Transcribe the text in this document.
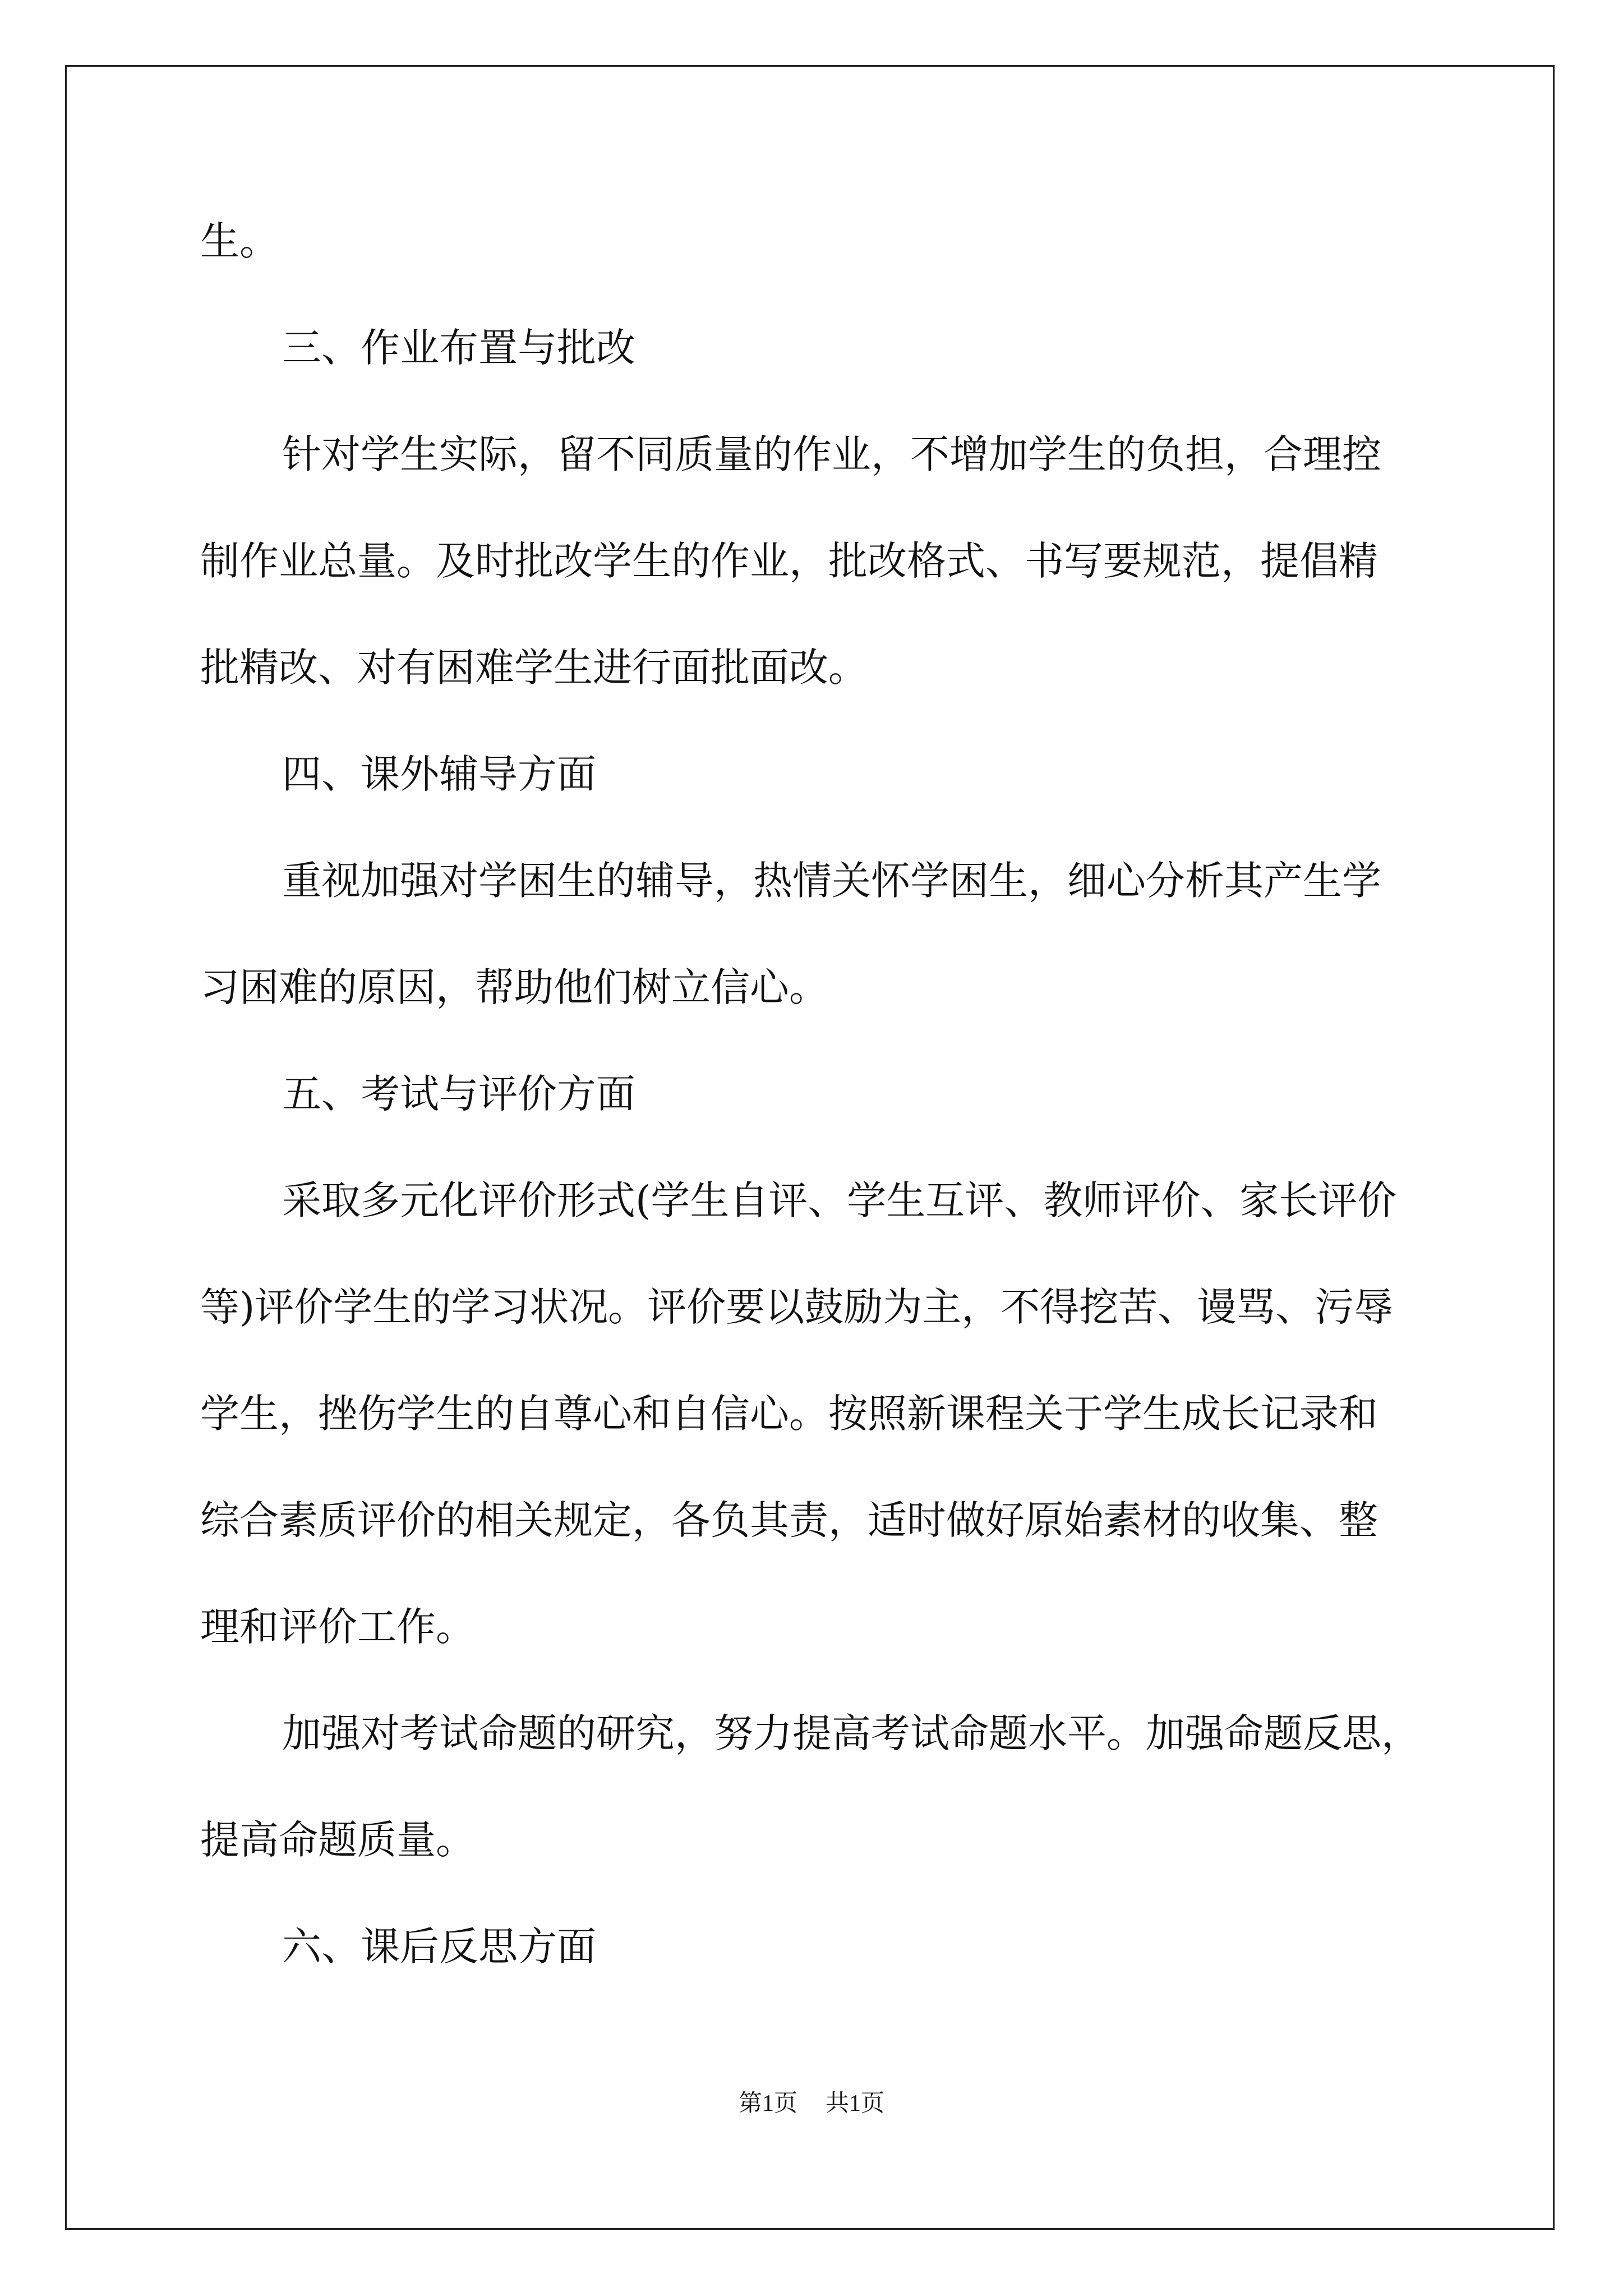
生。
三、作业布置与批改
针对学生实际，留不同质量的作业，不增加学生的负担，合理控
制作业总量。及时批改学生的作业，批改格式、书写要规范，提倡精
批精改、对有困难学生进行面批面改。
四、课外辅导方面
重视加强对学困生的辅导，热情关怀学困生，细心分析其产生学
习困难的原因，帮助他们树立信心。
五、考试与评价方面
采取多元化评价形式(学生自评、学生互评、教师评价、家长评价
等)评价学生的学习状况。评价要以鼓励为主，不得挖苦、谩骂、污辱
学生，挫伤学生的自尊心和自信心。按照新课程关于学生成长记录和
综合素质评价的相关规定，各负其责，适时做好原始素材的收集、整
理和评价工作。
加强对考试命题的研究，努力提高考试命题水平。加强命题反思，
提高命题质量。
六、课后反思方面
第1页 共1页
